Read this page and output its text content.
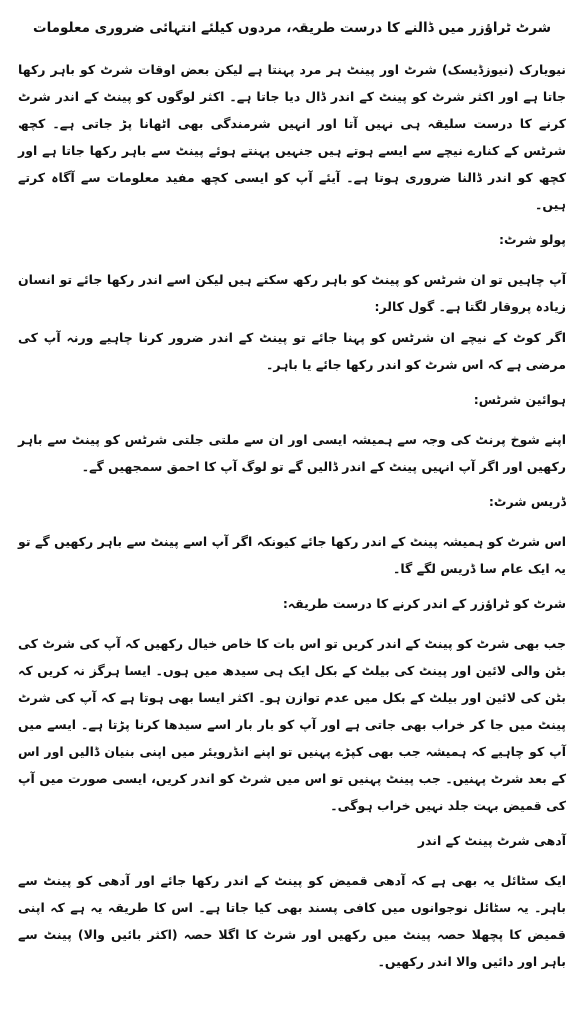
شرٹ ٹراؤزر میں ڈالنے کا درست طریقہ، مردوں کیلئے انتہائی ضروری معلومات
نیویارک (نیوزڈیسک) شرٹ اور پینٹ ہر مرد پہنتا ہے لیکن بعض اوقات شرٹ کو باہر رکھا جاتا ہے اور اکثر شرٹ کو پینٹ کے اندر ڈال دیا جاتا ہے۔ اکثر لوگوں کو پینٹ کے اندر شرٹ کرنے کا درست سلیقہ ہی نہیں آتا اور انہیں شرمندگی بھی اٹھانا پڑ جاتی ہے۔ کچھ شرٹس کے کنارے نیچے سے ایسے ہوتے ہیں جنہیں پہنتے ہوئے پینٹ سے باہر رکھا جاتا ہے اور کچھ کو اندر ڈالنا ضروری ہوتا ہے۔ آیئے آپ کو ایسی کچھ مفید معلومات سے آگاہ کرتے ہیں۔
پولو شرٹ:
آپ چاہیں تو ان شرٹس کو پینٹ کو باہر رکھ سکتے ہیں لیکن اسے اندر رکھا جائے تو انسان زیادہ پروقار لگتا ہے۔ گول کالر:
اگر کوٹ کے نیچے ان شرٹس کو پہنا جائے تو پینٹ کے اندر ضرور کرنا چاہیے ورنہ آپ کی مرضی ہے کہ اس شرٹ کو اندر رکھا جائے یا باہر۔
ہوائین شرٹس:
اپنے شوخ پرنٹ کی وجہ سے ہمیشہ ایسی اور ان سے ملتی جلتی شرٹس کو پینٹ سے باہر رکھیں اور اگر آپ انہیں پینٹ کے اندر ڈالیں گے تو لوگ آپ کا احمق سمجھیں گے۔
ڈریس شرٹ:
اس شرٹ کو ہمیشہ پینٹ کے اندر رکھا جائے کیونکہ اگر آپ اسے پینٹ سے باہر رکھیں گے تو یہ ایک عام سا ڈریس لگے گا۔
شرٹ کو ٹراؤزر کے اندر کرنے کا درست طریقہ:
جب بھی شرٹ کو پینٹ کے اندر کریں تو اس بات کا خاص خیال رکھیں کہ آپ کی شرٹ کی بٹن والی لائین اور پینٹ کی بیلٹ کے بکل ایک ہی سیدھ میں ہوں۔ ایسا ہرگز نہ کریں کہ بٹن کی لائین اور بیلٹ کے بکل میں عدم توازن ہو۔ اکثر ایسا بھی ہوتا ہے کہ آپ کی شرٹ پینٹ میں جا کر خراب بھی جاتی ہے اور آپ کو بار بار اسے سیدھا کرنا پڑتا ہے۔ ایسے میں آپ کو چاہیے کہ ہمیشہ جب بھی کپڑے پہنیں تو اپنے انڈرویئر میں اپنی بنیان ڈالیں اور اس کے بعد شرٹ پہنیں۔ جب پینٹ پہنیں تو اس میں شرٹ کو اندر کریں، ایسی صورت میں آپ کی قمیض بہت جلد نہیں خراب ہوگی۔
آدھی شرٹ پینٹ کے اندر
ایک سٹائل یہ بھی ہے کہ آدھی قمیض کو پینٹ کے اندر رکھا جائے اور آدھی کو پینٹ سے باہر۔ یہ سٹائل نوجوانوں میں کافی پسند بھی کیا جاتا ہے۔ اس کا طریقہ یہ ہے کہ اپنی قمیض کا پچھلا حصہ پینٹ میں رکھیں اور شرٹ کا اگلا حصہ (اکثر بائیں والا) پینٹ سے باہر اور دائیں والا اندر رکھیں۔
